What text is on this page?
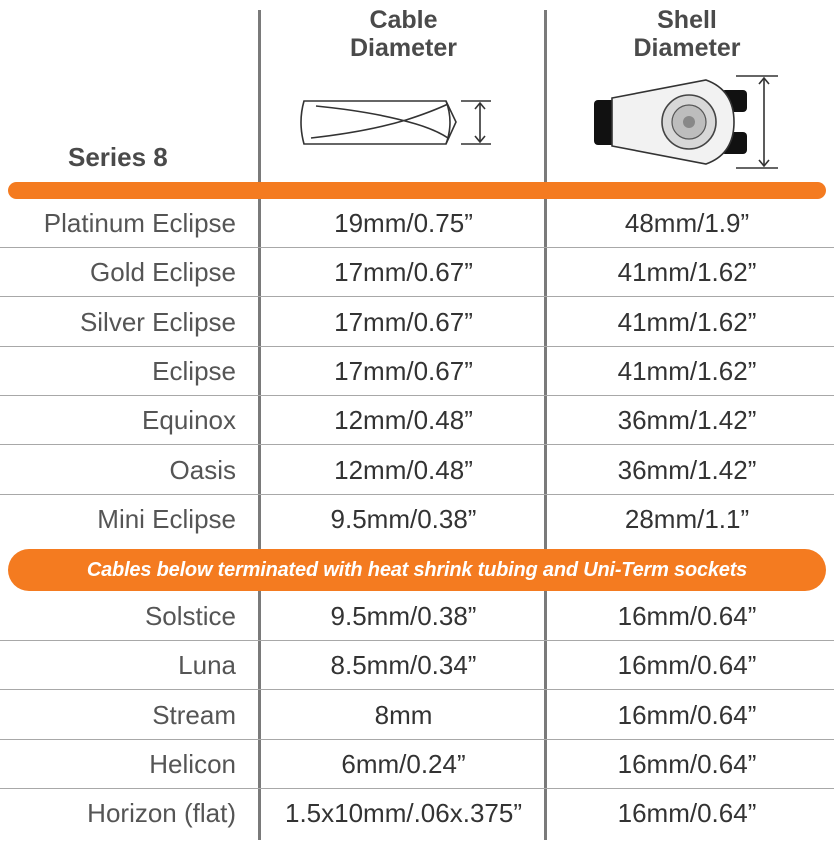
Cable
Diameter
Shell
Diameter
Series 8
Platinum Eclipse	19mm/0.75”	48mm/1.9”
Gold Eclipse	17mm/0.67”	41mm/1.62”
Silver Eclipse	17mm/0.67”	41mm/1.62”
Eclipse	17mm/0.67”	41mm/1.62”
Equinox	12mm/0.48”	36mm/1.42”
Oasis	12mm/0.48”	36mm/1.42”
Mini Eclipse	9.5mm/0.38”	28mm/1.1”
Cables below terminated with heat shrink tubing and Uni-Term sockets
Solstice	9.5mm/0.38”	16mm/0.64”
Luna	8.5mm/0.34”	16mm/0.64”
Stream	8mm	16mm/0.64”
Helicon	6mm/0.24”	16mm/0.64”
Horizon (flat)	1.5x10mm/.06x.375”	16mm/0.64”
